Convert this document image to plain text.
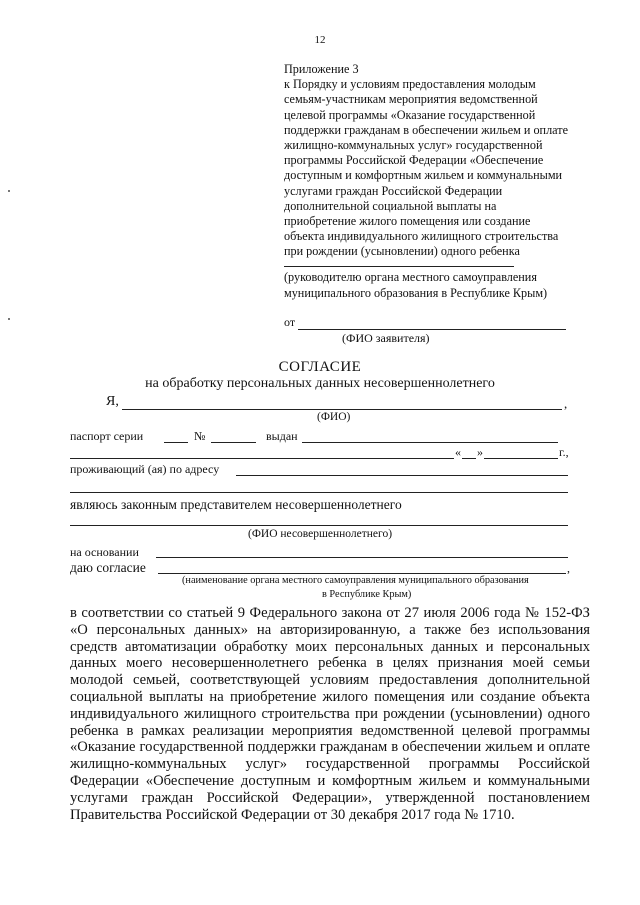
12
Приложение 3
к Порядку и условиям предоставления молодым
семьям-участникам мероприятия ведомственной
целевой программы «Оказание государственной
поддержки гражданам в обеспечении жильем и оплате
жилищно-коммунальных услуг» государственной
программы Российской Федерации «Обеспечение
доступным и комфортным жильем и коммунальными
услугами граждан Российской Федерации
дополнительной социальной выплаты на
приобретение жилого помещения или создание
объекта индивидуального жилищного строительства
при рождении (усыновлении) одного ребенка
(руководителю органа местного самоуправления
муниципального образования в Республике Крым)
от
(ФИО заявителя)
СОГЛАСИЕ
на обработку персональных данных несовершеннолетнего
Я,	,
(ФИО)
паспорт серии	№	выдан
« »	г.,
проживающий (ая) по адресу
являюсь законным представителем несовершеннолетнего
(ФИО несовершеннолетнего)
на основании
даю согласие	,
(наименование органа местного самоуправления муниципального образования
в Республике Крым)

в соответствии со статьей 9 Федерального закона от 27 июля 2006 года № 152-ФЗ «О персональных данных» на авторизированную, а также без использования средств автоматизации обработку моих персональных данных и персональных данных моего несовершеннолетнего ребенка в целях признания моей семьи молодой семьей, соответствующей условиям предоставления дополнительной социальной выплаты на приобретение жилого помещения или создание объекта индивидуального жилищного строительства при рождении (усыновлении) одного ребенка в рамках реализации мероприятия ведомственной целевой программы «Оказание государственной поддержки гражданам в обеспечении жильем и оплате жилищно-коммунальных услуг» государственной программы Российской Федерации «Обеспечение доступным и комфортным жильем и коммунальными услугами граждан Российской Федерации», утвержденной постановлением Правительства Российской Федерации от 30 декабря 2017 года № 1710.
